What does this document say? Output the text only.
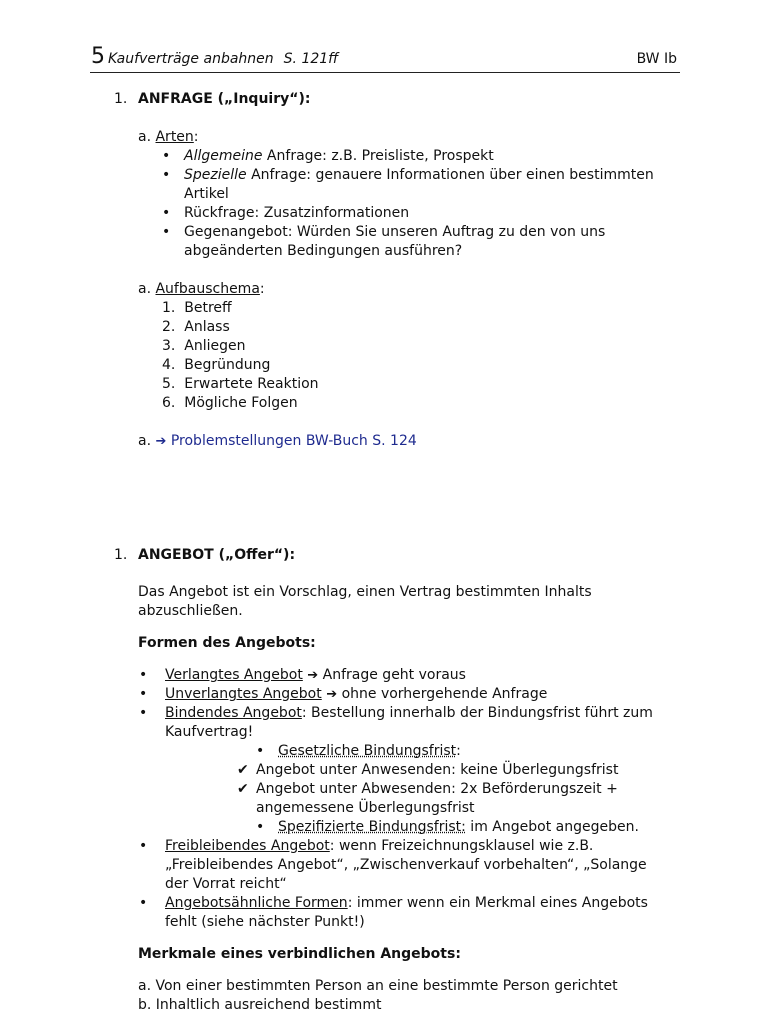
5 Kaufverträge anbahnen S. 121ff	BW Ib
1. ANFRAGE („Inquiry“):
a. Arten:
• Allgemeine Anfrage: z.B. Preisliste, Prospekt
• Spezielle Anfrage: genauere Informationen über einen bestimmten
Artikel
• Rückfrage: Zusatzinformationen
• Gegenangebot: Würden Sie unseren Auftrag zu den von uns
abgeänderten Bedingungen ausführen?
a. Aufbauschema:
1.  Betreff
2.  Anlass
3.  Anliegen
4.  Begründung
5.  Erwartete Reaktion
6.  Mögliche Folgen
a. ➔ Problemstellungen BW-Buch S. 124
1. ANGEBOT („Offer“):
Das Angebot ist ein Vorschlag, einen Vertrag bestimmten Inhalts
abzuschließen.
Formen des Angebots:
• Verlangtes Angebot ➔ Anfrage geht voraus
• Unverlangtes Angebot ➔ ohne vorhergehende Anfrage
• Bindendes Angebot: Bestellung innerhalb der Bindungsfrist führt zum
Kaufvertrag!
• Gesetzliche Bindungsfrist:
✔ Angebot unter Anwesenden: keine Überlegungsfrist
✔ Angebot unter Abwesenden: 2x Beförderungszeit +
angemessene Überlegungsfrist
• Spezifizierte Bindungsfrist: im Angebot angegeben.
• Freibleibendes Angebot: wenn Freizeichnungsklausel wie z.B.
„Freibleibendes Angebot“, „Zwischenverkauf vorbehalten“, „Solange
der Vorrat reicht“
• Angebotsähnliche Formen: immer wenn ein Merkmal eines Angebots
fehlt (siehe nächster Punkt!)
Merkmale eines verbindlichen Angebots:
a. Von einer bestimmten Person an eine bestimmte Person gerichtet
b. Inhaltlich ausreichend bestimmt
